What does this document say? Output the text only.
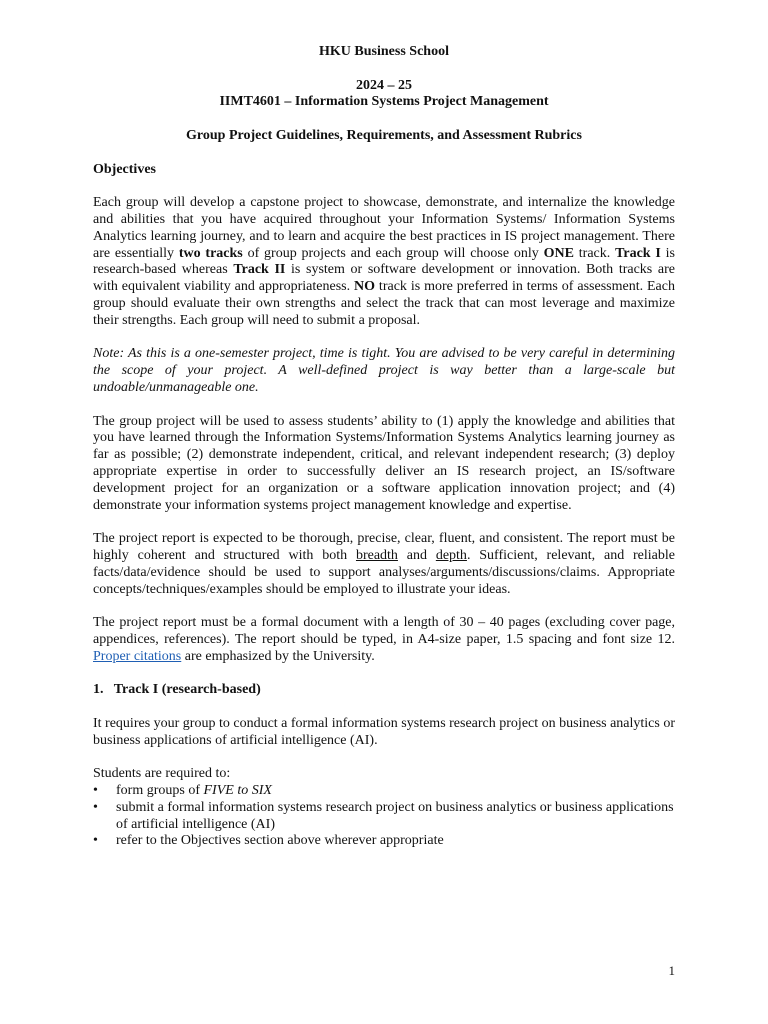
HKU Business School
2024 – 25
IIMT4601 – Information Systems Project Management
Group Project Guidelines, Requirements, and Assessment Rubrics
Objectives

Each group will develop a capstone project to showcase, demonstrate, and internalize the knowledge and abilities that you have acquired throughout your Information Systems/ Information Systems Analytics learning journey, and to learn and acquire the best practices in IS project management. There are essentially two tracks of group projects and each group will choose only ONE track. Track I is research-based whereas Track II is system or software development or innovation. Both tracks are with equivalent viability and appropriateness. NO track is more preferred in terms of assessment. Each group should evaluate their own strengths and select the track that can most leverage and maximize their strengths. Each group will need to submit a proposal.

Note: As this is a one-semester project, time is tight. You are advised to be very careful in determining the scope of your project. A well-defined project is way better than a large-scale but undoable/unmanageable one.

The group project will be used to assess students’ ability to (1) apply the knowledge and abilities that you have learned through the Information Systems/Information Systems Analytics learning journey as far as possible; (2) demonstrate independent, critical, and relevant independent research; (3) deploy appropriate expertise in order to successfully deliver an IS research project, an IS/software development project for an organization or a software application innovation project; and (4) demonstrate your information systems project management knowledge and expertise.

The project report is expected to be thorough, precise, clear, fluent, and consistent. The report must be highly coherent and structured with both breadth and depth. Sufficient, relevant, and reliable facts/data/evidence should be used to support analyses/arguments/discussions/claims. Appropriate concepts/techniques/examples should be employed to illustrate your ideas.

The project report must be a formal document with a length of 30 – 40 pages (excluding cover page, appendices, references). The report should be typed, in A4-size paper, 1.5 spacing and font size 12. Proper citations are emphasized by the University.

1.   Track I (research-based)

It requires your group to conduct a formal information systems research project on business analytics or business applications of artificial intelligence (AI).

Students are required to:
• form groups of FIVE to SIX
• submit a formal information systems research project on business analytics or business applications of artificial intelligence (AI)
• refer to the Objectives section above wherever appropriate
1
